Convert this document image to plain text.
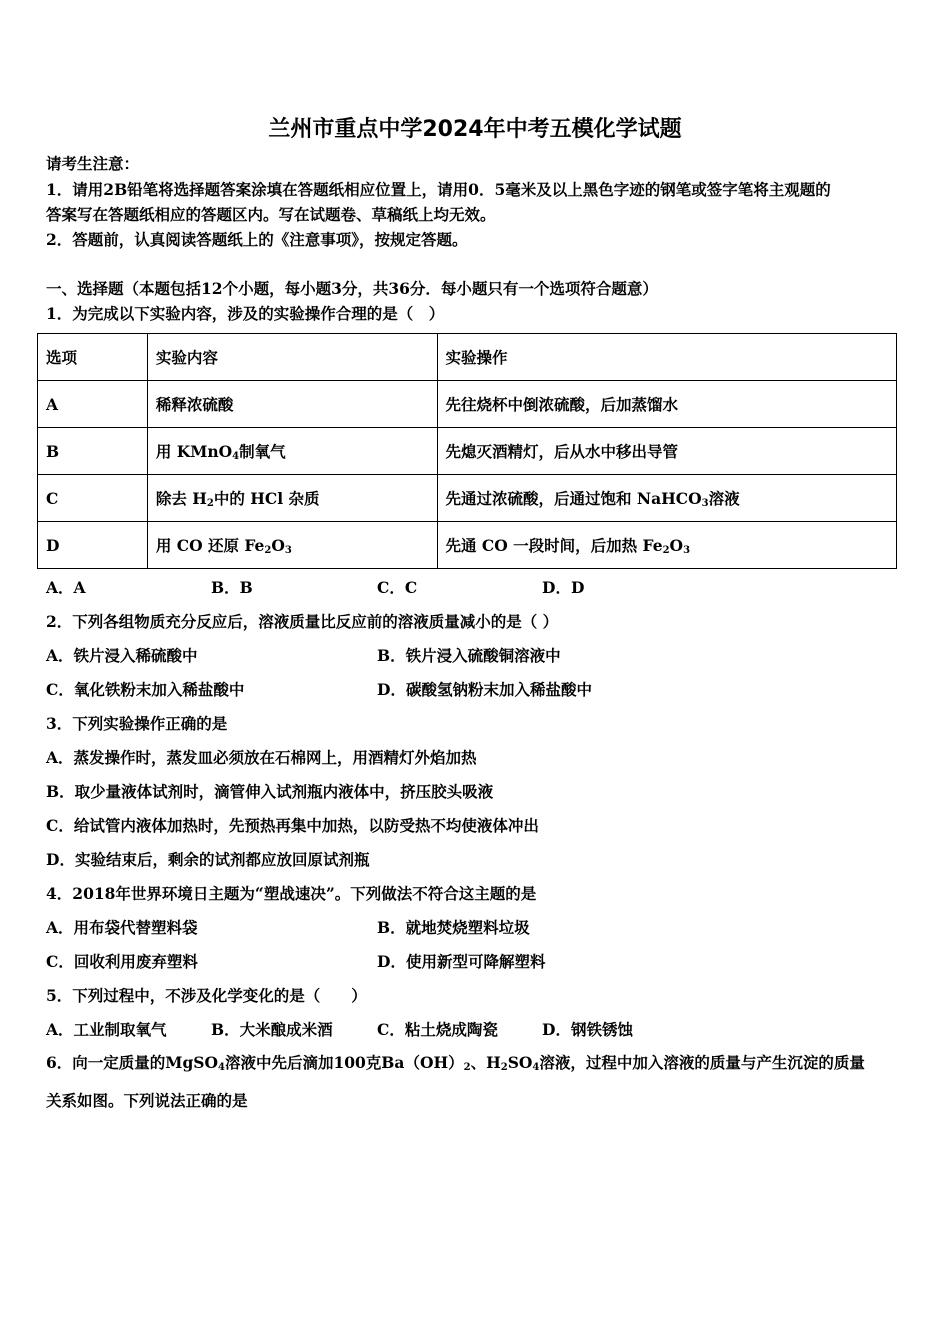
兰州市重点中学2024年中考五模化学试题
请考生注意：
1．请用2B铅笔将选择题答案涂填在答题纸相应位置上，请用0．5毫米及以上黑色字迹的钢笔或签字笔将主观题的
答案写在答题纸相应的答题区内。写在试题卷、草稿纸上均无效。
2．答题前，认真阅读答题纸上的《注意事项》，按规定答题。
一、选择题（本题包括12个小题，每小题3分，共36分．每小题只有一个选项符合题意）
1．为完成以下实验内容，涉及的实验操作合理的是（　）
选项	实验内容	实验操作
A	稀释浓硫酸	先往烧杯中倒浓硫酸，后加蒸馏水
B	用 KMnO$_4$制氧气	先熄灭酒精灯，后从水中移出导管
C	除去 $H_2$中的 HCl 杂质	先通过浓硫酸，后通过饱和 NaHCO$_3$溶液
D	用 CO 还原 $Fe_2O_3$	先通 CO 一段时间，后加热 $Fe_2O_3$
A．A	B．B	C．C	D．D
2．下列各组物质充分反应后，溶液质量比反应前的溶液质量减小的是（ ）
A．铁片浸入稀硫酸中	B．铁片浸入硫酸铜溶液中
C．氧化铁粉末加入稀盐酸中	D．碳酸氢钠粉末加入稀盐酸中
3．下列实验操作正确的是
A．蒸发操作时，蒸发皿必须放在石棉网上，用酒精灯外焰加热
B．取少量液体试剂时，滴管伸入试剂瓶内液体中，挤压胶头吸液
C．给试管内液体加热时，先预热再集中加热，以防受热不均使液体冲出
D．实验结束后，剩余的试剂都应放回原试剂瓶
4．2018年世界环境日主题为“塑战速决”。下列做法不符合这主题的是
A．用布袋代替塑料袋	B．就地焚烧塑料垃圾
C．回收利用废弃塑料	D．使用新型可降解塑料
5．下列过程中，不涉及化学变化的是（　　）
A．工业制取氧气	B．大米酿成米酒	C．粘土烧成陶瓷	D．钢铁锈蚀
6．向一定质量的MgSO$_4$溶液中先后滴加100克$Ba(OH)_2$、$H_2SO_4$溶液，过程中加入溶液的质量与产生沉淀的质量
关系如图。下列说法正确的是
